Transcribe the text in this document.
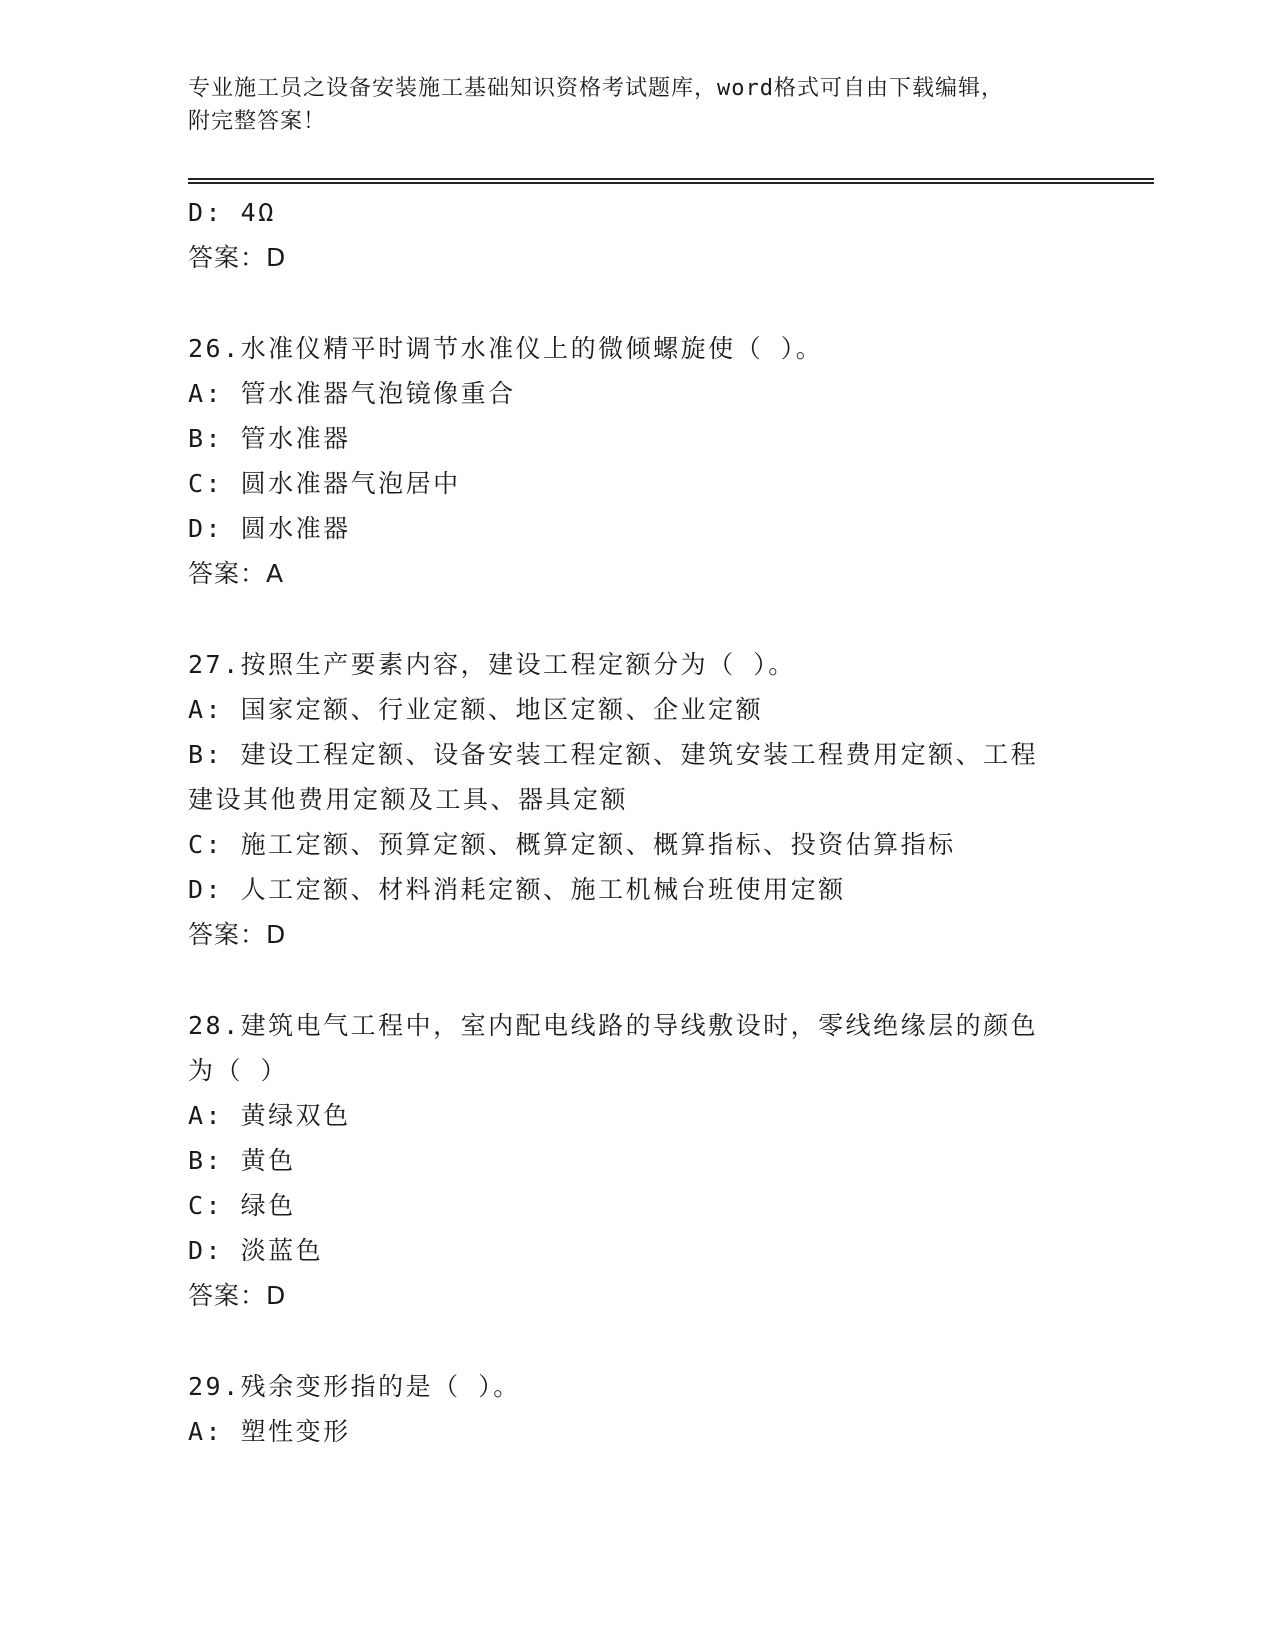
专业施工员之设备安装施工基础知识资格考试题库，word格式可自由下载编辑，
附完整答案！
D: 4Ω
答案：D
26.水准仪精平时调节水准仪上的微倾螺旋使（ ）。
A: 管水准器气泡镜像重合
B: 管水准器
C: 圆水准器气泡居中
D: 圆水准器
答案：A
27.按照生产要素内容，建设工程定额分为（ ）。
A: 国家定额、行业定额、地区定额、企业定额
B: 建设工程定额、设备安装工程定额、建筑安装工程费用定额、工程
建设其他费用定额及工具、器具定额
C: 施工定额、预算定额、概算定额、概算指标、投资估算指标
D: 人工定额、材料消耗定额、施工机械台班使用定额
答案：D
28.建筑电气工程中，室内配电线路的导线敷设时，零线绝缘层的颜色
为（ ）
A: 黄绿双色
B: 黄色
C: 绿色
D: 淡蓝色
答案：D
29.残余变形指的是（ ）。
A: 塑性变形
